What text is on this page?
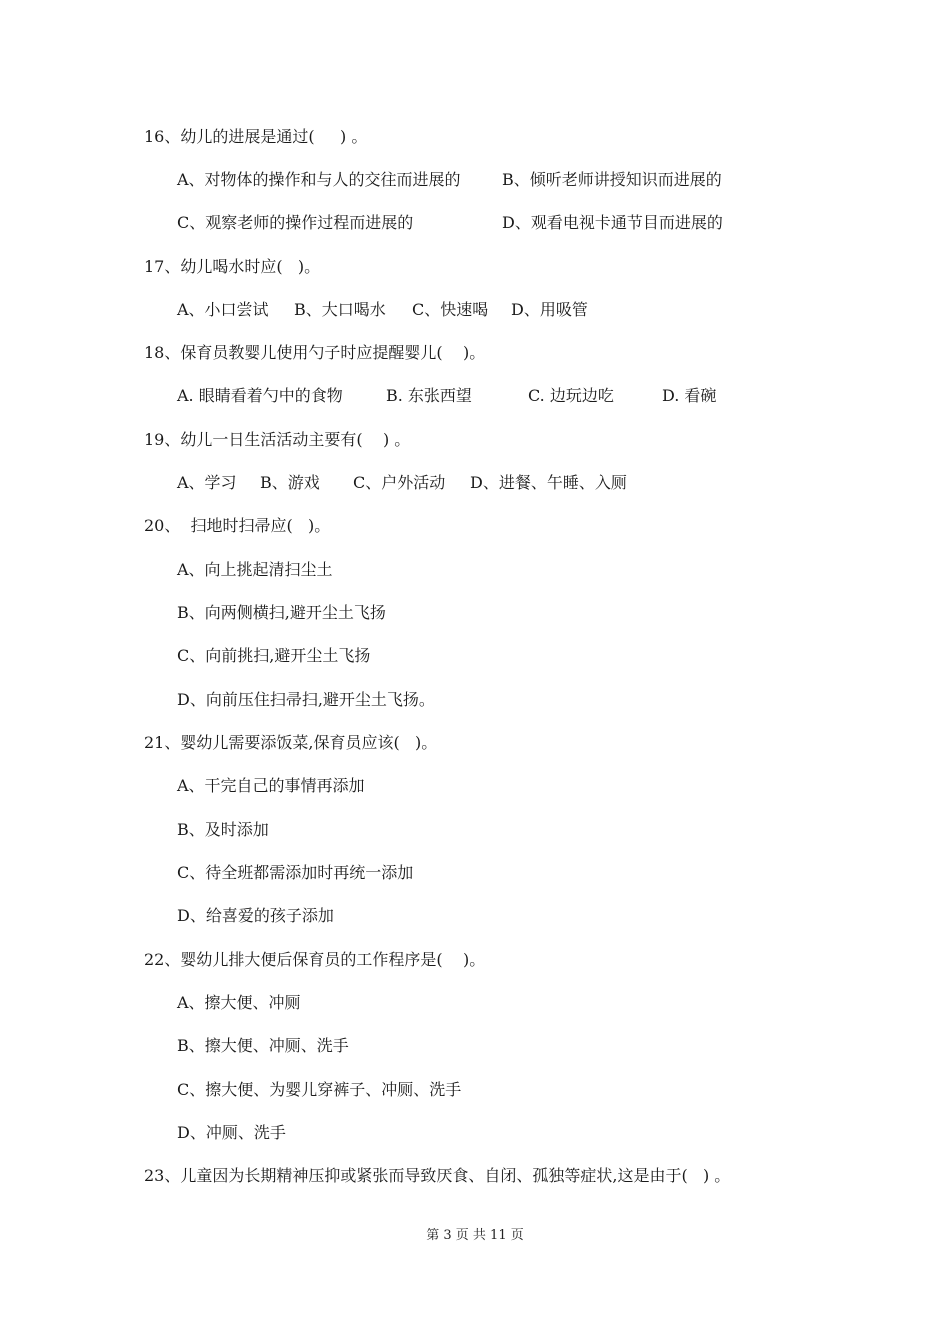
16、幼儿的进展是通过(     ) 。

A、对物体的操作和与人的交往而进展的

	B、倾听老师讲授知识而进展的

C、观察老师的操作过程而进展的

	D、观看电视卡通节目而进展的

17、幼儿喝水时应(   )。

A、小口尝试

B、大口喝水

C、快速喝

D、用吸管

18、保育员教婴儿使用勺子时应提醒婴儿(    )。

A. 眼睛看着勺中的食物

	B. 东张西望

	C. 边玩边吃

	D. 看碗

19、幼儿一日生活活动主要有(    ) 。

A、学习

B、游戏

C、户外活动

D、进餐、午睡、入厕

20、  扫地时扫帚应(   )。
A、向上挑起清扫尘土
B、向两侧横扫,避开尘土飞扬
C、向前挑扫,避开尘土飞扬
D、向前压住扫帚扫,避开尘土飞扬。
21、婴幼儿需要添饭菜,保育员应该(   )。
A、干完自己的事情再添加
B、及时添加
C、待全班都需添加时再统一添加
D、给喜爱的孩子添加
22、婴幼儿排大便后保育员的工作程序是(    )。
A、擦大便、冲厕
B、擦大便、冲厕、洗手
C、擦大便、为婴儿穿裤子、冲厕、洗手
D、冲厕、洗手
23、儿童因为长期精神压抑或紧张而导致厌食、自闭、孤独等症状,这是由于(   ) 。
第 3 页 共 11 页
